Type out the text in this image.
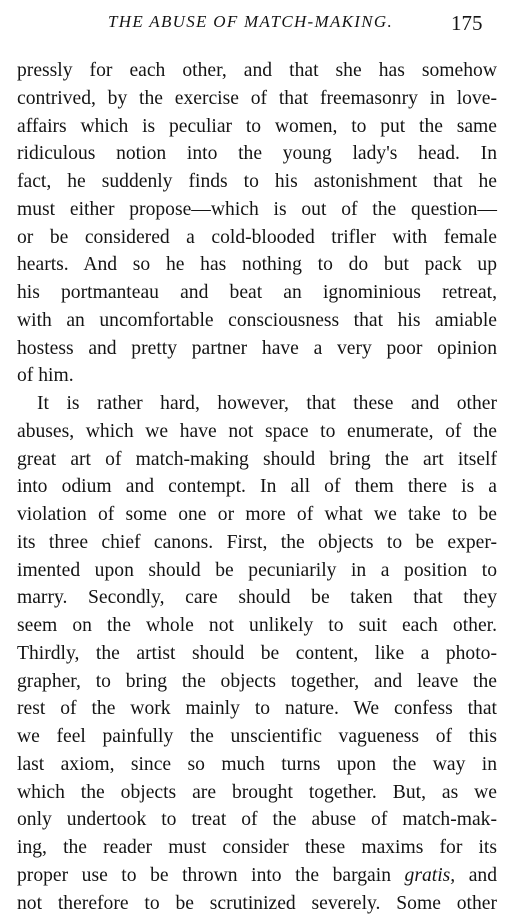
THE ABUSE OF MATCH-MAKING.	175
pressly for each other, and that she has somehow
contrived, by the exercise of that freemasonry in love-
affairs which is peculiar to women, to put the same
ridiculous notion into the young lady's head. In
fact, he suddenly finds to his astonishment that he
must either propose—which is out of the question—
or be considered a cold-blooded trifler with female
hearts. And so he has nothing to do but pack up
his portmanteau and beat an ignominious retreat,
with an uncomfortable consciousness that his amiable
hostess and pretty partner have a very poor opinion
of him.
It is rather hard, however, that these and other
abuses, which we have not space to enumerate, of the
great art of match-making should bring the art itself
into odium and contempt. In all of them there is a
violation of some one or more of what we take to be
its three chief canons. First, the objects to be exper-
imented upon should be pecuniarily in a position to
marry. Secondly, care should be taken that they
seem on the whole not unlikely to suit each other.
Thirdly, the artist should be content, like a photo-
grapher, to bring the objects together, and leave the
rest of the work mainly to nature. We confess that
we feel painfully the unscientific vagueness of this
last axiom, since so much turns upon the way in
which the objects are brought together. But, as we
only undertook to treat of the abuse of match-mak-
ing, the reader must consider these maxims for its
proper use to be thrown into the bargain gratis, and
not therefore to be scrutinized severely. Some other
